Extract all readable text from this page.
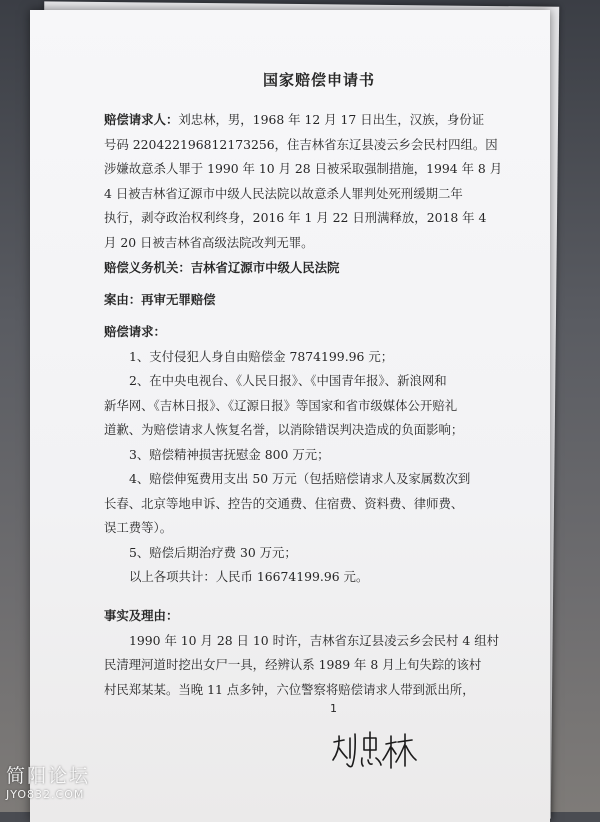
国家赔偿申请书
赔偿请求人：刘忠林，男，1968 年 12 月 17 日出生，汉族，身份证
号码 220422196812173256，住吉林省东辽县凌云乡会民村四组。因
涉嫌故意杀人罪于 1990 年 10 月 28 日被采取强制措施，1994 年 8 月
4 日被吉林省辽源市中级人民法院以故意杀人罪判处死刑缓期二年
执行，剥夺政治权利终身，2016 年 1 月 22 日刑满释放，2018 年 4
月 20 日被吉林省高级法院改判无罪。
赔偿义务机关：吉林省辽源市中级人民法院
案由：再审无罪赔偿
赔偿请求：
1、支付侵犯人身自由赔偿金 7874199.96 元；
2、在中央电视台、《人民日报》、《中国青年报》、新浪网和
新华网、《吉林日报》、《辽源日报》等国家和省市级媒体公开赔礼
道歉、为赔偿请求人恢复名誉，以消除错误判决造成的负面影响；
3、赔偿精神损害抚慰金 800 万元；
4、赔偿伸冤费用支出 50 万元（包括赔偿请求人及家属数次到
长春、北京等地申诉、控告的交通费、住宿费、资料费、律师费、
误工费等）。
5、赔偿后期治疗费 30 万元；
以上各项共计：人民币 16674199.96 元。
事实及理由：
1990 年 10 月 28 日 10 时许，吉林省东辽县凌云乡会民村 4 组村
民清理河道时挖出女尸一具，经辨认系 1989 年 8 月上旬失踪的该村
村民郑某某。当晚 11 点多钟，六位警察将赔偿请求人带到派出所，
1
简阳论坛
JYO832.COM
